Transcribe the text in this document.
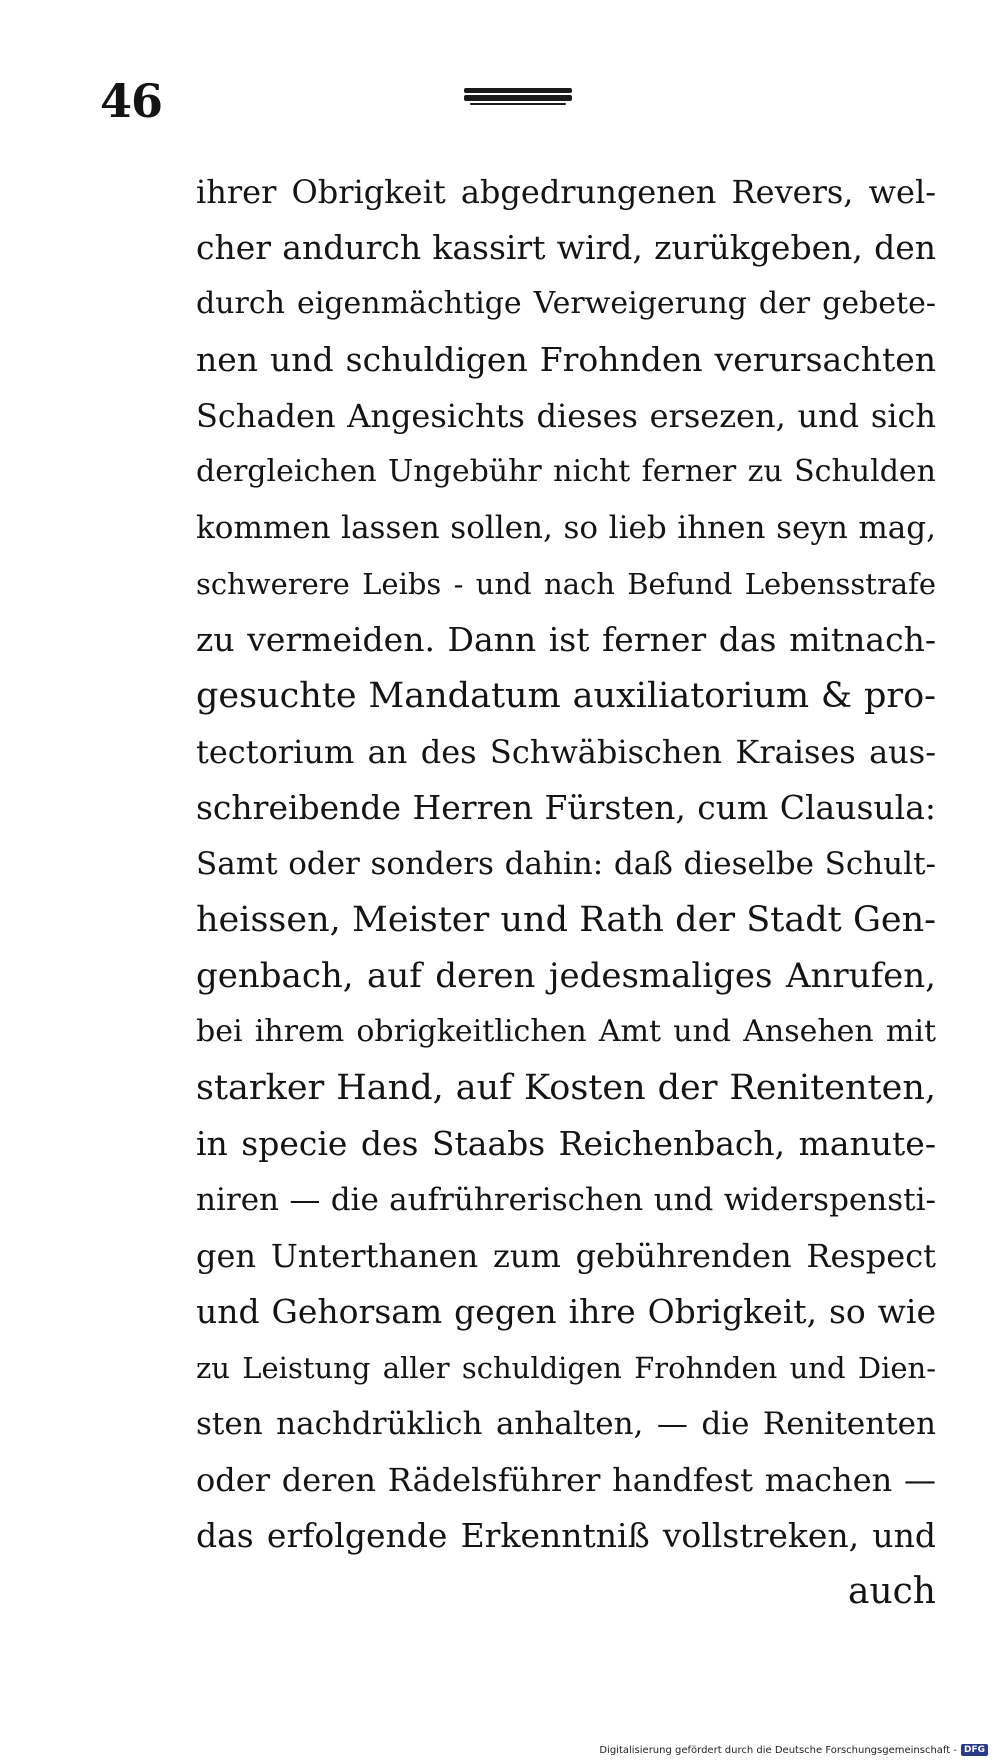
46
ihrer Obrigkeit abgedrungenen Revers, wel-
cher andurch kassirt wird, zurükgeben, den
durch eigenmächtige Verweigerung der gebete-
nen und schuldigen Frohnden verursachten
Schaden Angesichts dieses ersezen, und sich
dergleichen Ungebühr nicht ferner zu Schulden
kommen lassen sollen, so lieb ihnen seyn mag,
schwerere Leibs - und nach Befund Lebensstrafe
zu vermeiden. Dann ist ferner das mitnach-
gesuchte Mandatum auxiliatorium & pro-
tectorium an des Schwäbischen Kraises aus-
schreibende Herren Fürsten, cum Clausula:
Samt oder sonders dahin: daß dieselbe Schult-
heissen, Meister und Rath der Stadt Gen-
genbach, auf deren jedesmaliges Anrufen,
bei ihrem obrigkeitlichen Amt und Ansehen mit
starker Hand, auf Kosten der Renitenten,
in specie des Staabs Reichenbach, manute-
niren — die aufrührerischen und widerspensti-
gen Unterthanen zum gebührenden Respect
und Gehorsam gegen ihre Obrigkeit, so wie
zu Leistung aller schuldigen Frohnden und Dien-
sten nachdrüklich anhalten, — die Renitenten
oder deren Rädelsführer handfest machen —
das erfolgende Erkenntniß vollstreken, und
auch
Digitalisierung gefördert durch die Deutsche Forschungsgemeinschaft - DFG
